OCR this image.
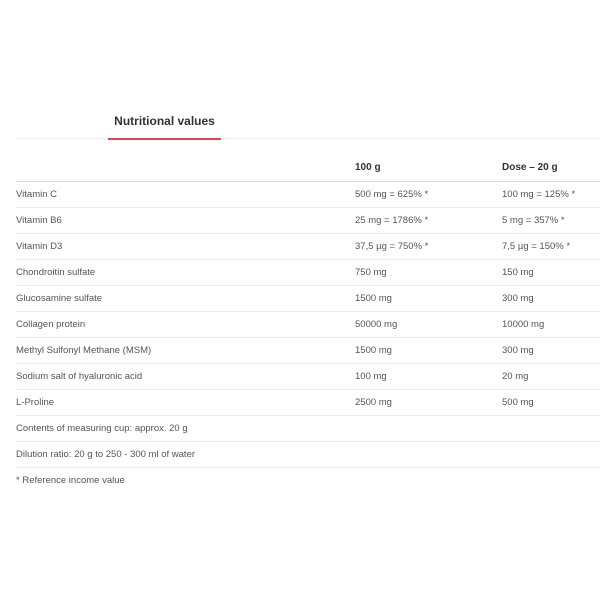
Nutritional values
	100 g	Dose – 20 g
Vitamin C	500 mg = 625% *	100 mg = 125% *
Vitamin B6	25 mg = 1786% *	5 mg = 357% *
Vitamin D3	37,5 µg = 750% *	7,5 µg = 150% *
Chondroitin sulfate	750 mg	150 mg
Glucosamine sulfate	1500 mg	300 mg
Collagen protein	50000 mg	10000 mg
Methyl Sulfonyl Methane (MSM)	1500 mg	300 mg
Sodium salt of hyaluronic acid	100 mg	20 mg
L-Proline	2500 mg	500 mg
Contents of measuring cup: approx. 20 g		
Dilution ratio: 20 g to 250 - 300 ml of water		
* Reference income value		
